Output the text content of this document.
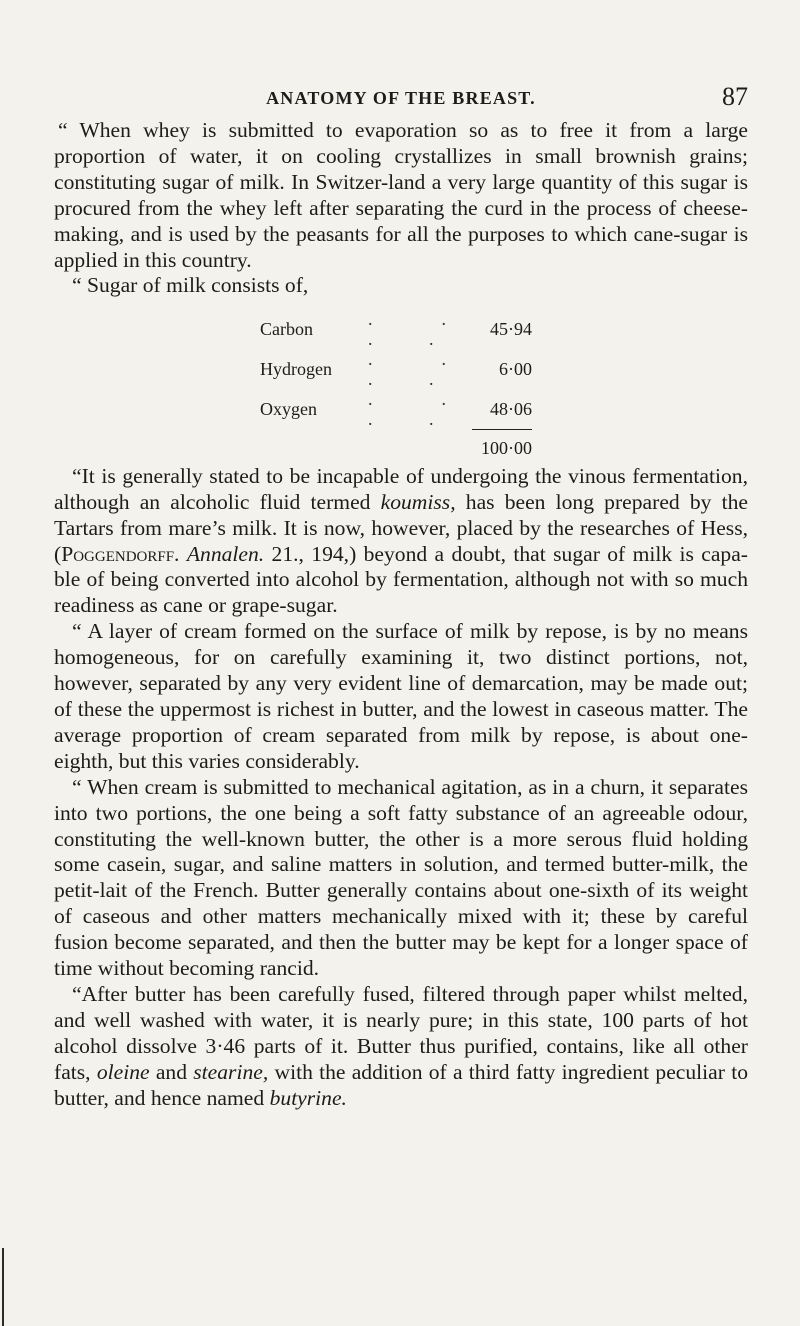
ANATOMY OF THE BREAST.	87

“ When whey is submitted to evaporation so as to free it from a large proportion of water, it on cooling crystallizes in small brownish grains; constituting sugar of milk. In Switzer-land a very large quantity of this sugar is procured from the whey left after separating the curd in the process of cheese-making, and is used by the peasants for all the purposes to which cane-sugar is applied in this country.

“ Sugar of milk consists of,

Carbon	. . . .	45·94
Hydrogen	. . . .	6·00
Oxygen	. . . .	48·06
		100·00

“It is generally stated to be incapable of undergoing the vinous fermentation, although an alcoholic fluid termed koumiss, has been long prepared by the Tartars from mare’s milk. It is now, however, placed by the researches of Hess, (Poggendorff. Annalen. 21., 194,) beyond a doubt, that sugar of milk is capa-ble of being converted into alcohol by fermentation, although not with so much readiness as cane or grape-sugar.

“ A layer of cream formed on the surface of milk by repose, is by no means homogeneous, for on carefully examining it, two distinct portions, not, however, separated by any very evident line of demarcation, may be made out; of these the uppermost is richest in butter, and the lowest in caseous matter. The average proportion of cream separated from milk by repose, is about one-eighth, but this varies considerably.

“ When cream is submitted to mechanical agitation, as in a churn, it separates into two portions, the one being a soft fatty substance of an agreeable odour, constituting the well-known butter, the other is a more serous fluid holding some casein, sugar, and saline matters in solution, and termed butter-milk, the petit-lait of the French. Butter generally contains about one-sixth of its weight of caseous and other matters mechanically mixed with it; these by careful fusion become separated, and then the butter may be kept for a longer space of time without becoming rancid.

“After butter has been carefully fused, filtered through paper whilst melted, and well washed with water, it is nearly pure; in this state, 100 parts of hot alcohol dissolve 3·46 parts of it. Butter thus purified, contains, like all other fats, oleine and stearine, with the addition of a third fatty ingredient peculiar to butter, and hence named butyrine.
